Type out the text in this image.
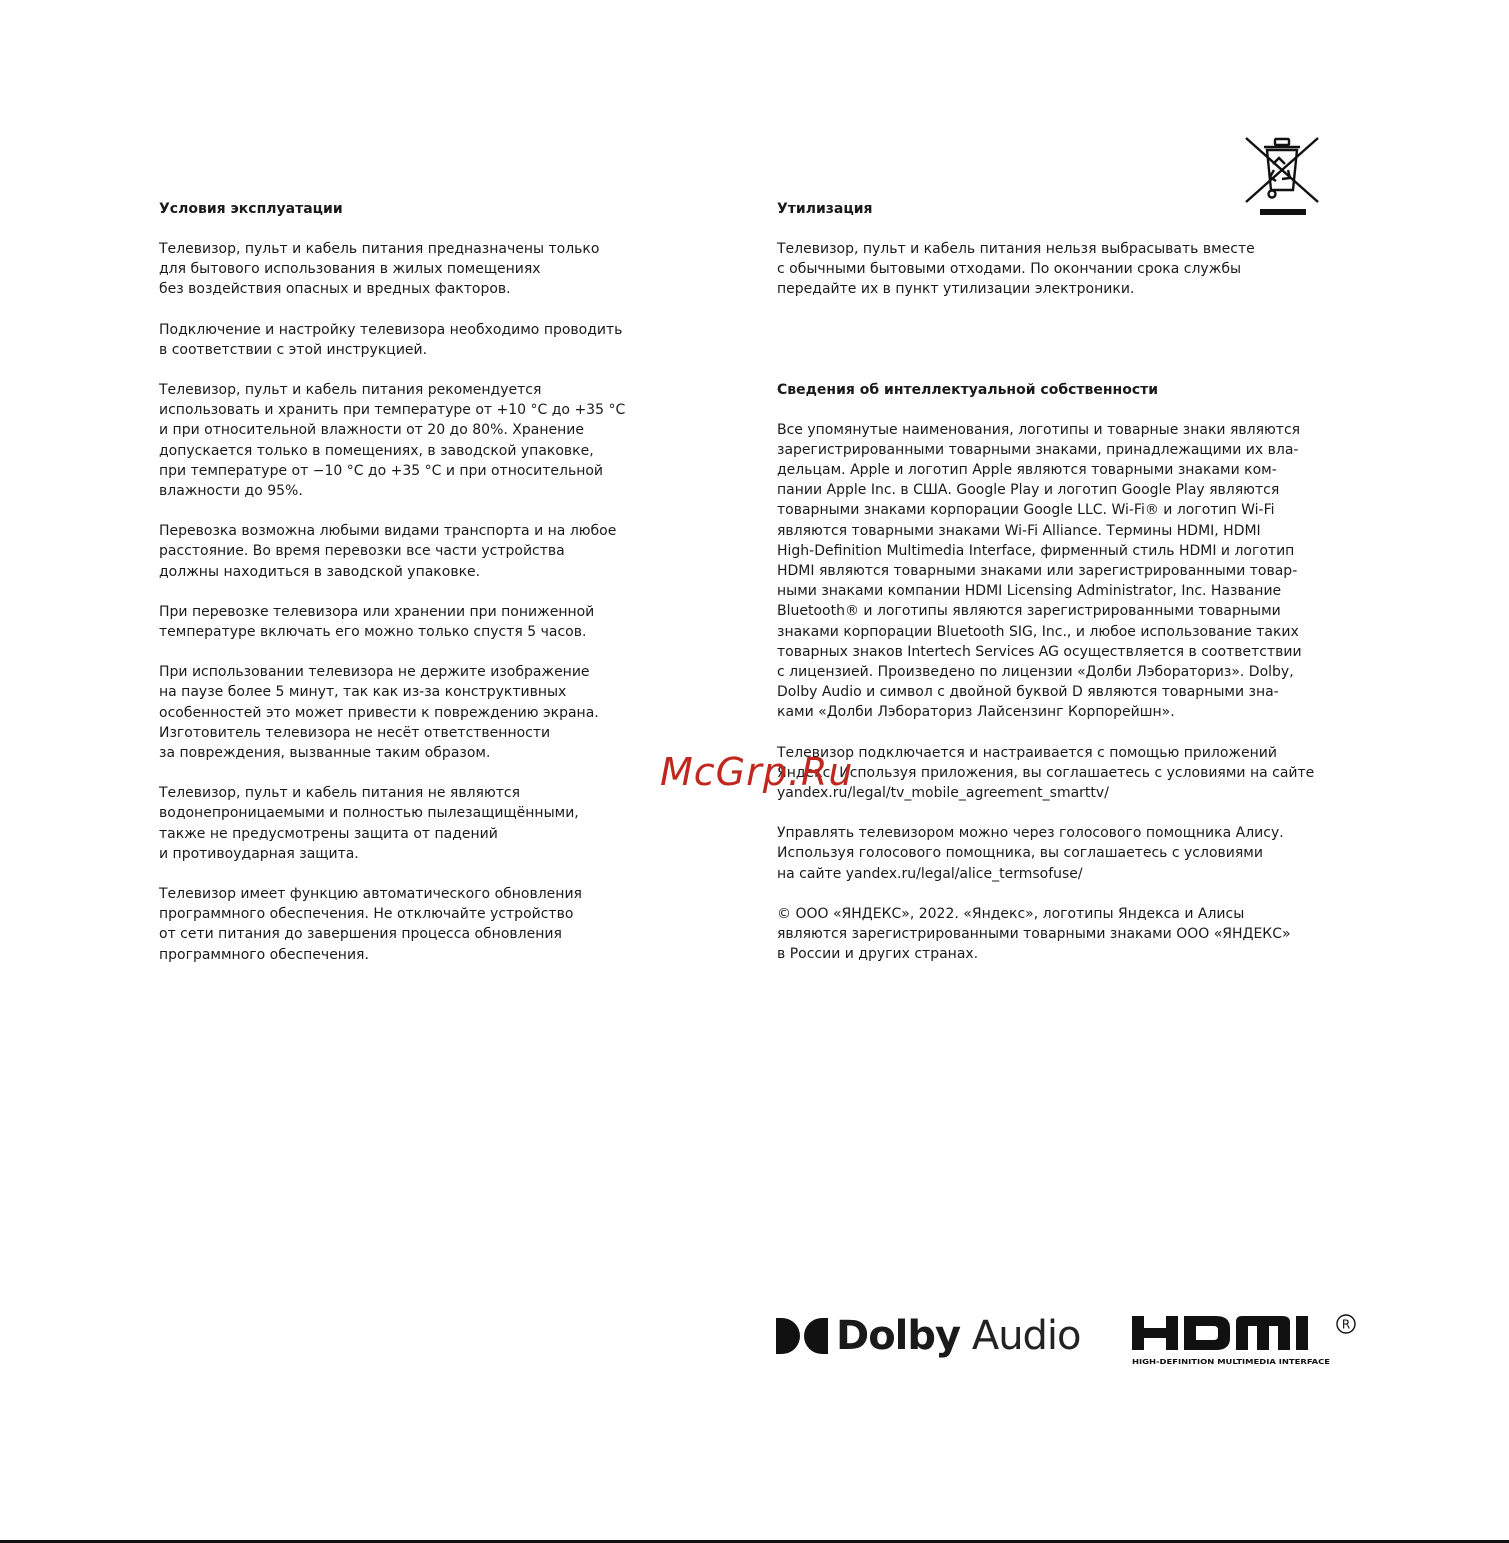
Условия эксплуатации

Телевизор, пульт и кабель питания предназначены только
для бытового использования в жилых помещениях
без воздействия опасных и вредных факторов.

Подключение и настройку телевизора необходимо проводить
в соответствии с этой инструкцией.

Телевизор, пульт и кабель питания рекомендуется
использовать и хранить при температуре от +10 °C до +35 °C
и при относительной влажности от 20 до 80%. Хранение
допускается только в помещениях, в заводской упаковке,
при температуре от −10 °C до +35 °C и при относительной
влажности до 95%.

Перевозка возможна любыми видами транспорта и на любое
расстояние. Во время перевозки все части устройства
должны находиться в заводской упаковке.

При перевозке телевизора или хранении при пониженной
температуре включать его можно только спустя 5 часов.

При использовании телевизора не держите изображение
на паузе более 5 минут, так как из-за конструктивных
особенностей это может привести к повреждению экрана.
Изготовитель телевизора не несёт ответственности
за повреждения, вызванные таким образом.

Телевизор, пульт и кабель питания не являются
водонепроницаемыми и полностью пылезащищёнными,
также не предусмотрены защита от падений
и противоударная защита.

Телевизор имеет функцию автоматического обновления
программного обеспечения. Не отключайте устройство
от сети питания до завершения процесса обновления
программного обеспечения.

Утилизация

Телевизор, пульт и кабель питания нельзя выбрасывать вместе
с обычными бытовыми отходами. По окончании срока службы
передайте их в пункт утилизации электроники.

Сведения об интеллектуальной собственности

Все упомянутые наименования, логотипы и товарные знаки являются
зарегистрированными товарными знаками, принадлежащими их вла-
дельцам. Apple и логотип Apple являются товарными знаками ком-
пании Apple Inc. в США. Google Play и логотип Google Play являются
товарными знаками корпорации Google LLC. Wi-Fi® и логотип Wi-Fi
являются товарными знаками Wi-Fi Alliance. Термины HDMI, HDMI
High-Definition Multimedia Interface, фирменный стиль HDMI и логотип
HDMI являются товарными знаками или зарегистрированными товар-
ными знаками компании HDMI Licensing Administrator, Inc. Название
Bluetooth® и логотипы являются зарегистрированными товарными
знаками корпорации Bluetooth SIG, Inc., и любое использование таких
товарных знаков Intertech Services AG осуществляется в соответствии
с лицензией. Произведено по лицензии «Долби Лэбораториз». Dolby,
Dolby Audio и символ с двойной буквой D являются товарными зна-
ками «Долби Лэбораториз Лайсензинг Корпорейшн».

Телевизор подключается и настраивается с помощью приложений
Яндекс. Используя приложения, вы соглашаетесь с условиями на сайте
yandex.ru/legal/tv_mobile_agreement_smarttv/

Управлять телевизором можно через голосового помощника Алису.
Используя голосового помощника, вы соглашаетесь с условиями
на сайте yandex.ru/legal/alice_termsofuse/

© ООО «ЯНДЕКС», 2022. «Яндекс», логотипы Яндекса и Алисы
являются зарегистрированными товарными знаками ООО «ЯНДЕКС»
в России и других странах.

McGrp.Ru
Dolby Audio	R
HIGH-DEFINITION MULTIMEDIA INTERFACE
